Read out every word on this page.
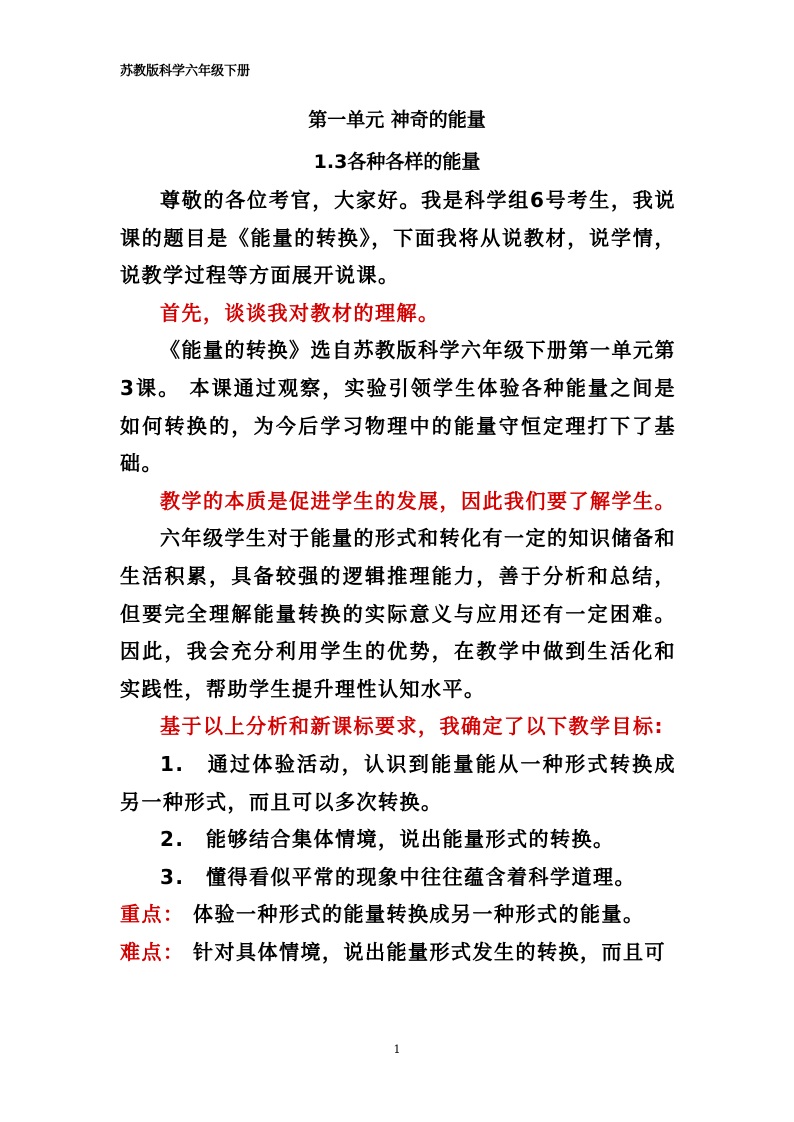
苏教版科学六年级下册
第一单元 神奇的能量
1.3各种各样的能量

尊敬的各位考官，大家好。我是科学组6号考生，我说课的题目是《能量的转换》，下面我将从说教材，说学情，说教学过程等方面展开说课。

首先，谈谈我对教材的理解。

《能量的转换》选自苏教版科学六年级下册第一单元第3课。 本课通过观察，实验引领学生体验各种能量之间是如何转换的，为今后学习物理中的能量守恒定理打下了基础。

教学的本质是促进学生的发展，因此我们要了解学生。

六年级学生对于能量的形式和转化有一定的知识储备和生活积累，具备较强的逻辑推理能力，善于分析和总结，但要完全理解能量转换的实际意义与应用还有一定困难。因此，我会充分利用学生的优势，在教学中做到生活化和实践性，帮助学生提升理性认知水平。

基于以上分析和新课标要求，我确定了以下教学目标:

1.　通过体验活动，认识到能量能从一种形式转换成另一种形式，而且可以多次转换。

2.　能够结合集体情境，说出能量形式的转换。

3.　懂得看似平常的现象中往往蕴含着科学道理。

重点： 体验一种形式的能量转换成另一种形式的能量。

难点： 针对具体情境，说出能量形式发生的转换，而且可

1
